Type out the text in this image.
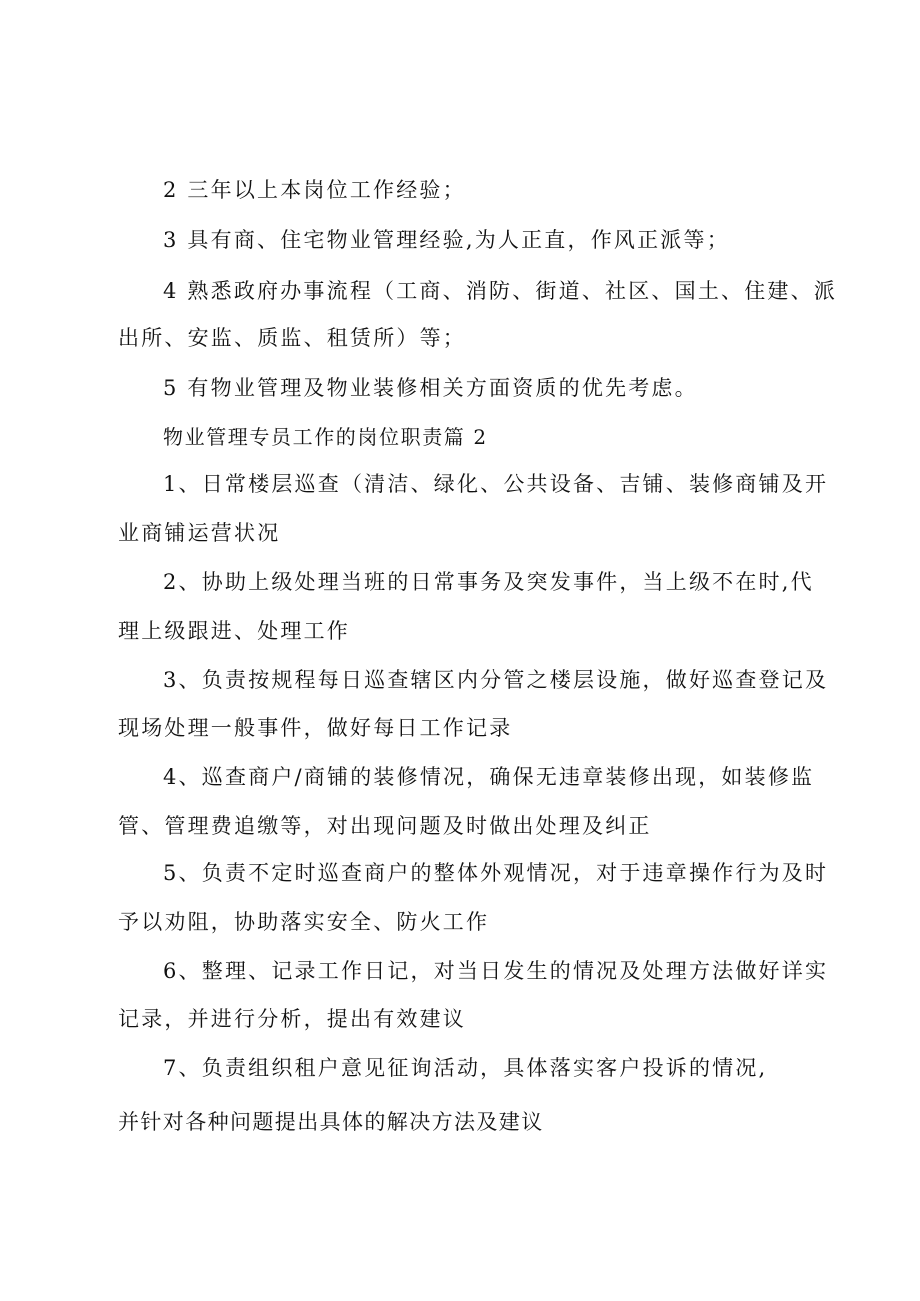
2 三年以上本岗位工作经验；
3 具有商、住宅物业管理经验,为人正直，作风正派等；
4 熟悉政府办事流程（工商、消防、街道、社区、国土、住建、派
出所、安监、质监、租赁所）等；
5 有物业管理及物业装修相关方面资质的优先考虑。
物业管理专员工作的岗位职责篇 2
1、日常楼层巡查（清洁、绿化、公共设备、吉铺、装修商铺及开
业商铺运营状况
2、协助上级处理当班的日常事务及突发事件，当上级不在时,代
理上级跟进、处理工作
3、负责按规程每日巡查辖区内分管之楼层设施，做好巡查登记及
现场处理一般事件，做好每日工作记录
4、巡查商户/商铺的装修情况，确保无违章装修出现，如装修监
管、管理费追缴等，对出现问题及时做出处理及纠正
5、负责不定时巡查商户的整体外观情况，对于违章操作行为及时
予以劝阻，协助落实安全、防火工作
6、整理、记录工作日记，对当日发生的情况及处理方法做好详实
记录，并进行分析，提出有效建议
7、负责组织租户意见征询活动，具体落实客户投诉的情况,
并针对各种问题提出具体的解决方法及建议
